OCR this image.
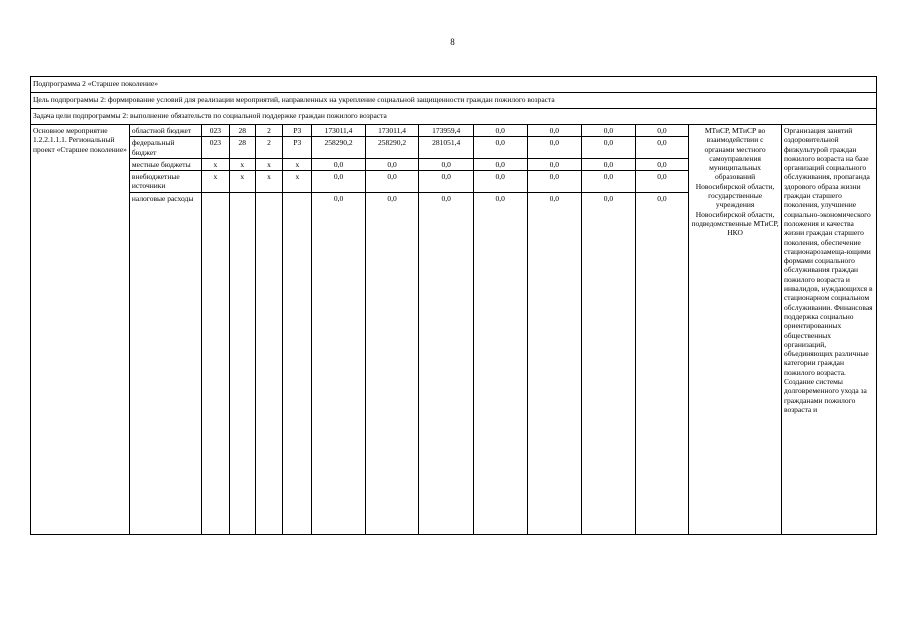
8
Подпрограмма 2 «Старшее поколение»														
Цель подпрограммы 2: формирование условий для реализации мероприятий, направленных на укрепление социальной защищенности граждан пожилого возраста														
Задача цели подпрограммы 2: выполнение обязательств по социальной поддержке граждан пожилого возраста														
Основное мероприятие 1.2.2.1.1.1. Региональный проект «Старшее поколение»	областной бюджет	023	28	2	Р3	173011,4	173011,4	173959,4	0,0	0,0	0,0	0,0	МТиСР, МТиСР во взаимодействии с органами местного самоуправления муниципальных образований Новосибирской области, государственные учреждения Новосибирской области, подведомственные МТиСР, НКО	Организация занятий оздоровительной физкультурой граждан пожилого возраста на базе организаций социального обслуживания, пропаганда здорового образа жизни граждан старшего поколения, улучшение социально-экономического положения и качества жизни граждан старшего поколения, обеспечение стационарозамеща-ющими формами социального обслуживания граждан пожилого возраста и инвалидов, нуждающихся в стационарном социальном обслуживании. Финансовая поддержка социально ориентированных общественных организаций, объединяющих различные категории граждан пожилого возраста. Создание системы долговременного ухода за гражданами пожилого возраста и
	федеральный бюджет	023	28	2	Р3	258290,2	258290,2	281051,4	0,0	0,0	0,0	0,0		
	местные бюджеты	х	х	х	х	0,0	0,0	0,0	0,0	0,0	0,0	0,0		
	внебюджетные источники	х	х	х	х	0,0	0,0	0,0	0,0	0,0	0,0	0,0		
	налоговые расходы					0,0	0,0	0,0	0,0	0,0	0,0	0,0		
